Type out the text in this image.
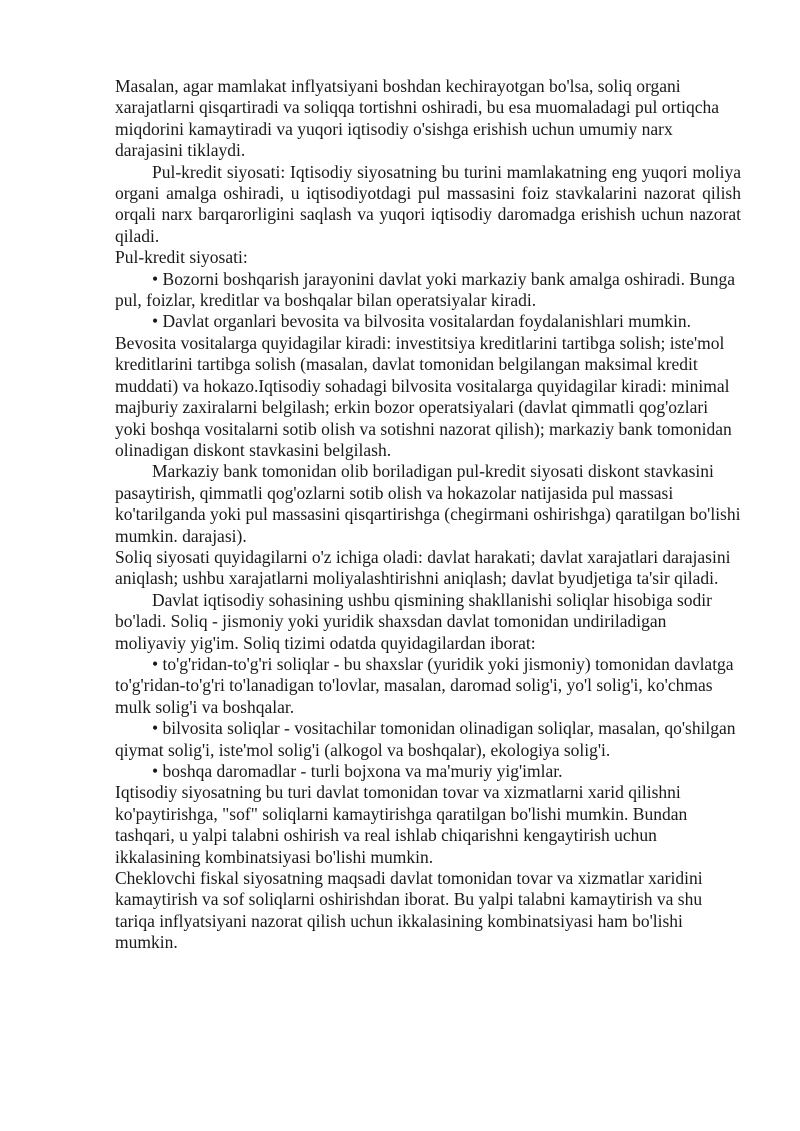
Masalan, agar mamlakat inflyatsiyani boshdan kechirayotgan bo'lsa, soliq organi xarajatlarni qisqartiradi va soliqqa tortishni oshiradi, bu esa muomaladagi pul ortiqcha miqdorini kamaytiradi va yuqori iqtisodiy o'sishga erishish uchun umumiy narx darajasini tiklaydi.

Pul-kredit siyosati: Iqtisodiy siyosatning bu turini mamlakatning eng yuqori moliya organi amalga oshiradi, u iqtisodiyotdagi pul massasini foiz stavkalarini nazorat qilish orqali narx barqarorligini saqlash va yuqori iqtisodiy daromadga erishish uchun nazorat qiladi.

Pul-kredit siyosati:

• Bozorni boshqarish jarayonini davlat yoki markaziy bank amalga oshiradi. Bunga pul, foizlar, kreditlar va boshqalar bilan operatsiyalar kiradi.

• Davlat organlari bevosita va bilvosita vositalardan foydalanishlari mumkin. Bevosita vositalarga quyidagilar kiradi: investitsiya kreditlarini tartibga solish; iste'mol kreditlarini tartibga solish (masalan, davlat tomonidan belgilangan maksimal kredit muddati) va hokazo.Iqtisodiy sohadagi bilvosita vositalarga quyidagilar kiradi: minimal majburiy zaxiralarni belgilash; erkin bozor operatsiyalari (davlat qimmatli qog'ozlari yoki boshqa vositalarni sotib olish va sotishni nazorat qilish); markaziy bank tomonidan olinadigan diskont stavkasini belgilash.

Markaziy bank tomonidan olib boriladigan pul-kredit siyosati diskont stavkasini pasaytirish, qimmatli qog'ozlarni sotib olish va hokazolar natijasida pul massasi ko'tarilganda yoki pul massasini qisqartirishga (chegirmani oshirishga) qaratilgan bo'lishi mumkin. darajasi).

Soliq siyosati quyidagilarni o'z ichiga oladi: davlat harakati; davlat xarajatlari darajasini aniqlash; ushbu xarajatlarni moliyalashtirishni aniqlash; davlat byudjetiga ta'sir qiladi.

Davlat iqtisodiy sohasining ushbu qismining shakllanishi soliqlar hisobiga sodir bo'ladi. Soliq - jismoniy yoki yuridik shaxsdan davlat tomonidan undiriladigan moliyaviy yig'im. Soliq tizimi odatda quyidagilardan iborat:

• to'g'ridan-to'g'ri soliqlar - bu shaxslar (yuridik yoki jismoniy) tomonidan davlatga to'g'ridan-to'g'ri to'lanadigan to'lovlar, masalan, daromad solig'i, yo'l solig'i, ko'chmas mulk solig'i va boshqalar.

• bilvosita soliqlar - vositachilar tomonidan olinadigan soliqlar, masalan, qo'shilgan qiymat solig'i, iste'mol solig'i (alkogol va boshqalar), ekologiya solig'i.

• boshqa daromadlar - turli bojxona va ma'muriy yig'imlar.

Iqtisodiy siyosatning bu turi davlat tomonidan tovar va xizmatlarni xarid qilishni ko'paytirishga, "sof" soliqlarni kamaytirishga qaratilgan bo'lishi mumkin. Bundan tashqari, u yalpi talabni oshirish va real ishlab chiqarishni kengaytirish uchun ikkalasining kombinatsiyasi bo'lishi mumkin.

Cheklovchi fiskal siyosatning maqsadi davlat tomonidan tovar va xizmatlar xaridini kamaytirish va sof soliqlarni oshirishdan iborat. Bu yalpi talabni kamaytirish va shu tariqa inflyatsiyani nazorat qilish uchun ikkalasining kombinatsiyasi ham bo'lishi mumkin.
